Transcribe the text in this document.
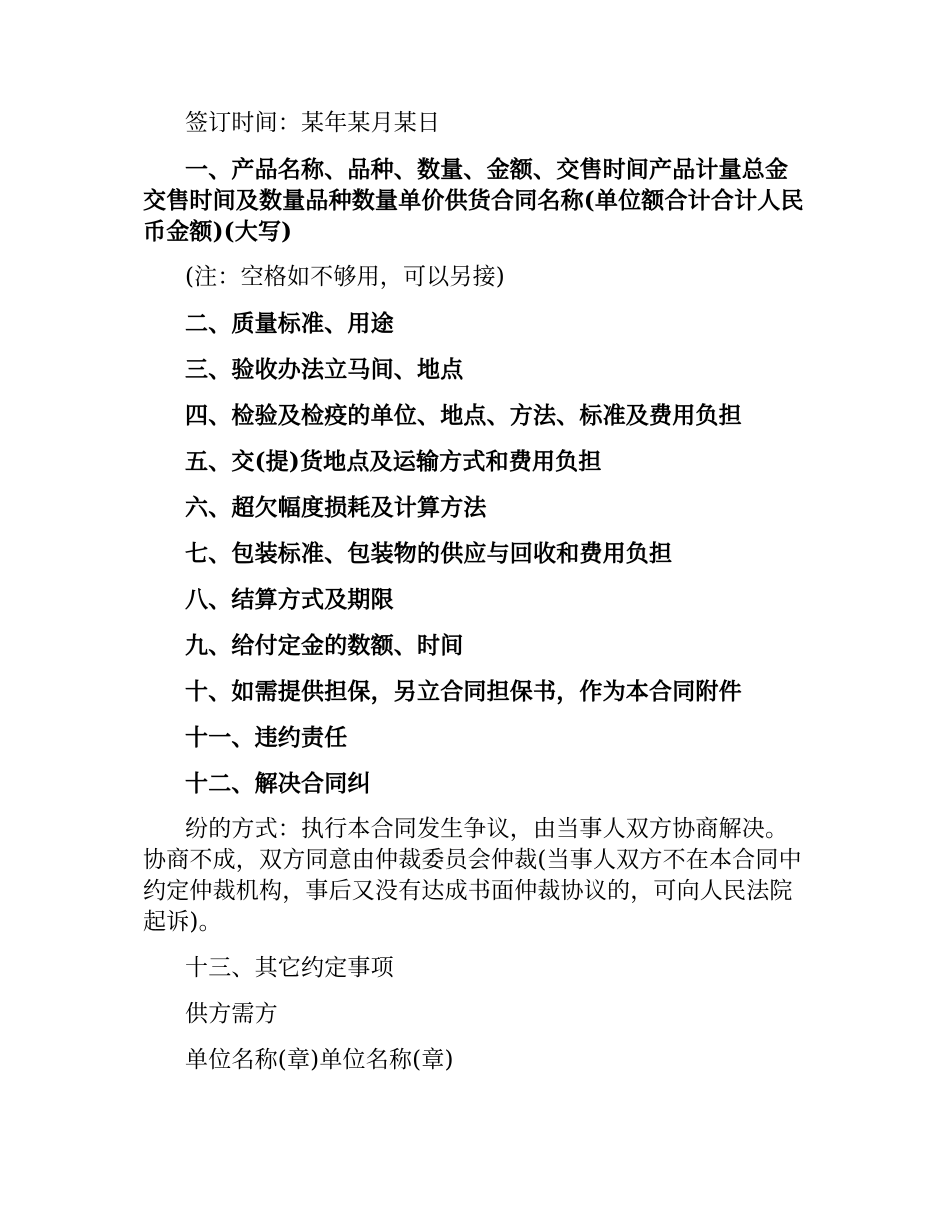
签订时间：某年某月某日

一、产品名称、品种、数量、金额、交售时间产品计量总金交售时间及数量品种数量单价供货合同名称(单位额合计合计人民币金额)(大写)

(注：空格如不够用，可以另接)

二、质量标准、用途

三、验收办法立马间、地点

四、检验及检疫的单位、地点、方法、标准及费用负担

五、交(提)货地点及运输方式和费用负担

六、超欠幅度损耗及计算方法

七、包装标准、包装物的供应与回收和费用负担

八、结算方式及期限

九、给付定金的数额、时间

十、如需提供担保，另立合同担保书，作为本合同附件

十一、违约责任

十二、解决合同纠

纷的方式：执行本合同发生争议，由当事人双方协商解决。协商不成，双方同意由仲裁委员会仲裁(当事人双方不在本合同中约定仲裁机构，事后又没有达成书面仲裁协议的，可向人民法院起诉)。

十三、其它约定事项

供方需方

单位名称(章)单位名称(章)
